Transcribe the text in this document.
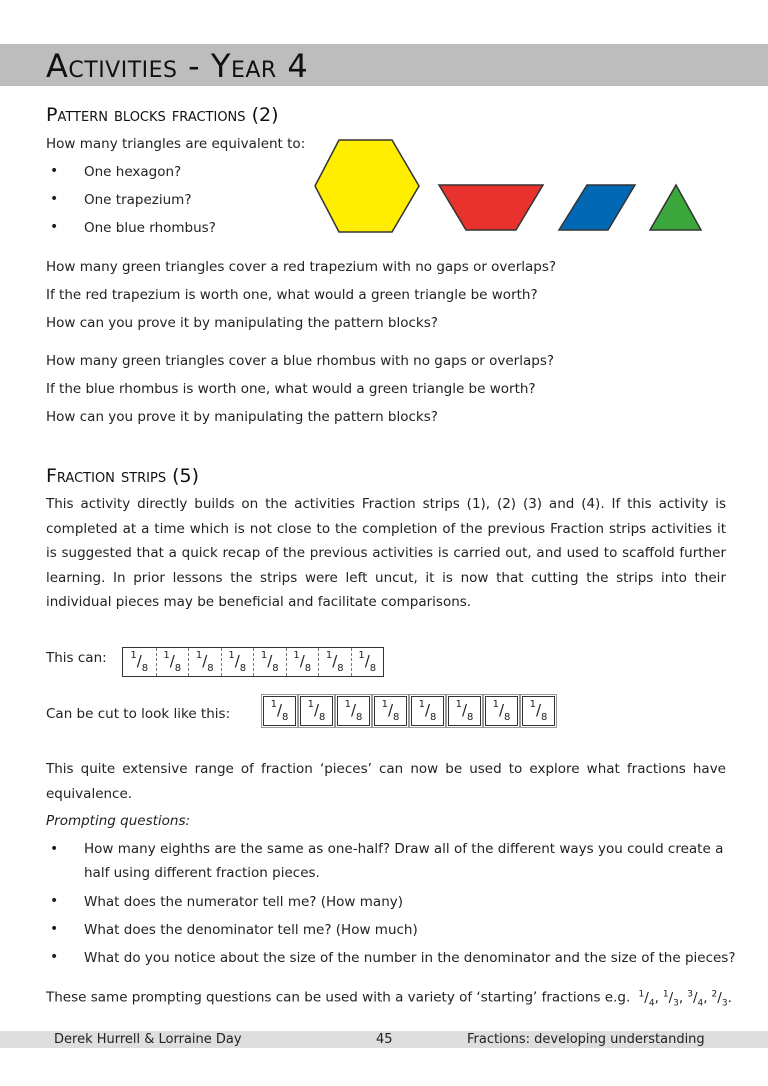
Activities - Year 4
Pattern blocks fractions (2)
How many triangles are equivalent to:
• One hexagon?
• One trapezium?
• One blue rhombus?
How many green triangles cover a red trapezium with no gaps or overlaps?
If the red trapezium is worth one, what would a green triangle be worth?
How can you prove it by manipulating the pattern blocks?
How many green triangles cover a blue rhombus with no gaps or overlaps?
If the blue rhombus is worth one, what would a green triangle be worth?
How can you prove it by manipulating the pattern blocks?
Fraction strips (5)
This activity directly builds on the activities Fraction strips (1), (2) (3) and (4). If this activity is completed at a time which is not close to the completion of the previous Fraction strips activities it is suggested that a quick recap of the previous activities is carried out, and used to scaffold further learning. In prior lessons the strips were left uncut, it is now that cutting the strips into their individual pieces may be beneficial and facilitate comparisons.
This can: $^1/_8$
$^1/_8$
$^1/_8$
$^1/_8$
$^1/_8$
$^1/_8$
$^1/_8$
$^1/_8$
Can be cut to look like this:
$^1/_8$
$^1/_8$
$^1/_8$
$^1/_8$
$^1/_8$
$^1/_8$
$^1/_8$
$^1/_8$
This quite extensive range of fraction ‘pieces’ can now be used to explore what fractions have equivalence.
Prompting questions:
• How many eighths are the same as one-half? Draw all of the different ways you could create a half using different fraction pieces.
• What does the numerator tell me? (How many)
• What does the denominator tell me? (How much)
• What do you notice about the size of the number in the denominator and the size of the pieces?
These same prompting questions can be used with a variety of ‘starting’ fractions e.g. $^1/_4$, $^1/_3$, $^3/_4$, $^2/_3$.
Derek Hurrell & Lorraine Day	45	Fractions: developing understanding
